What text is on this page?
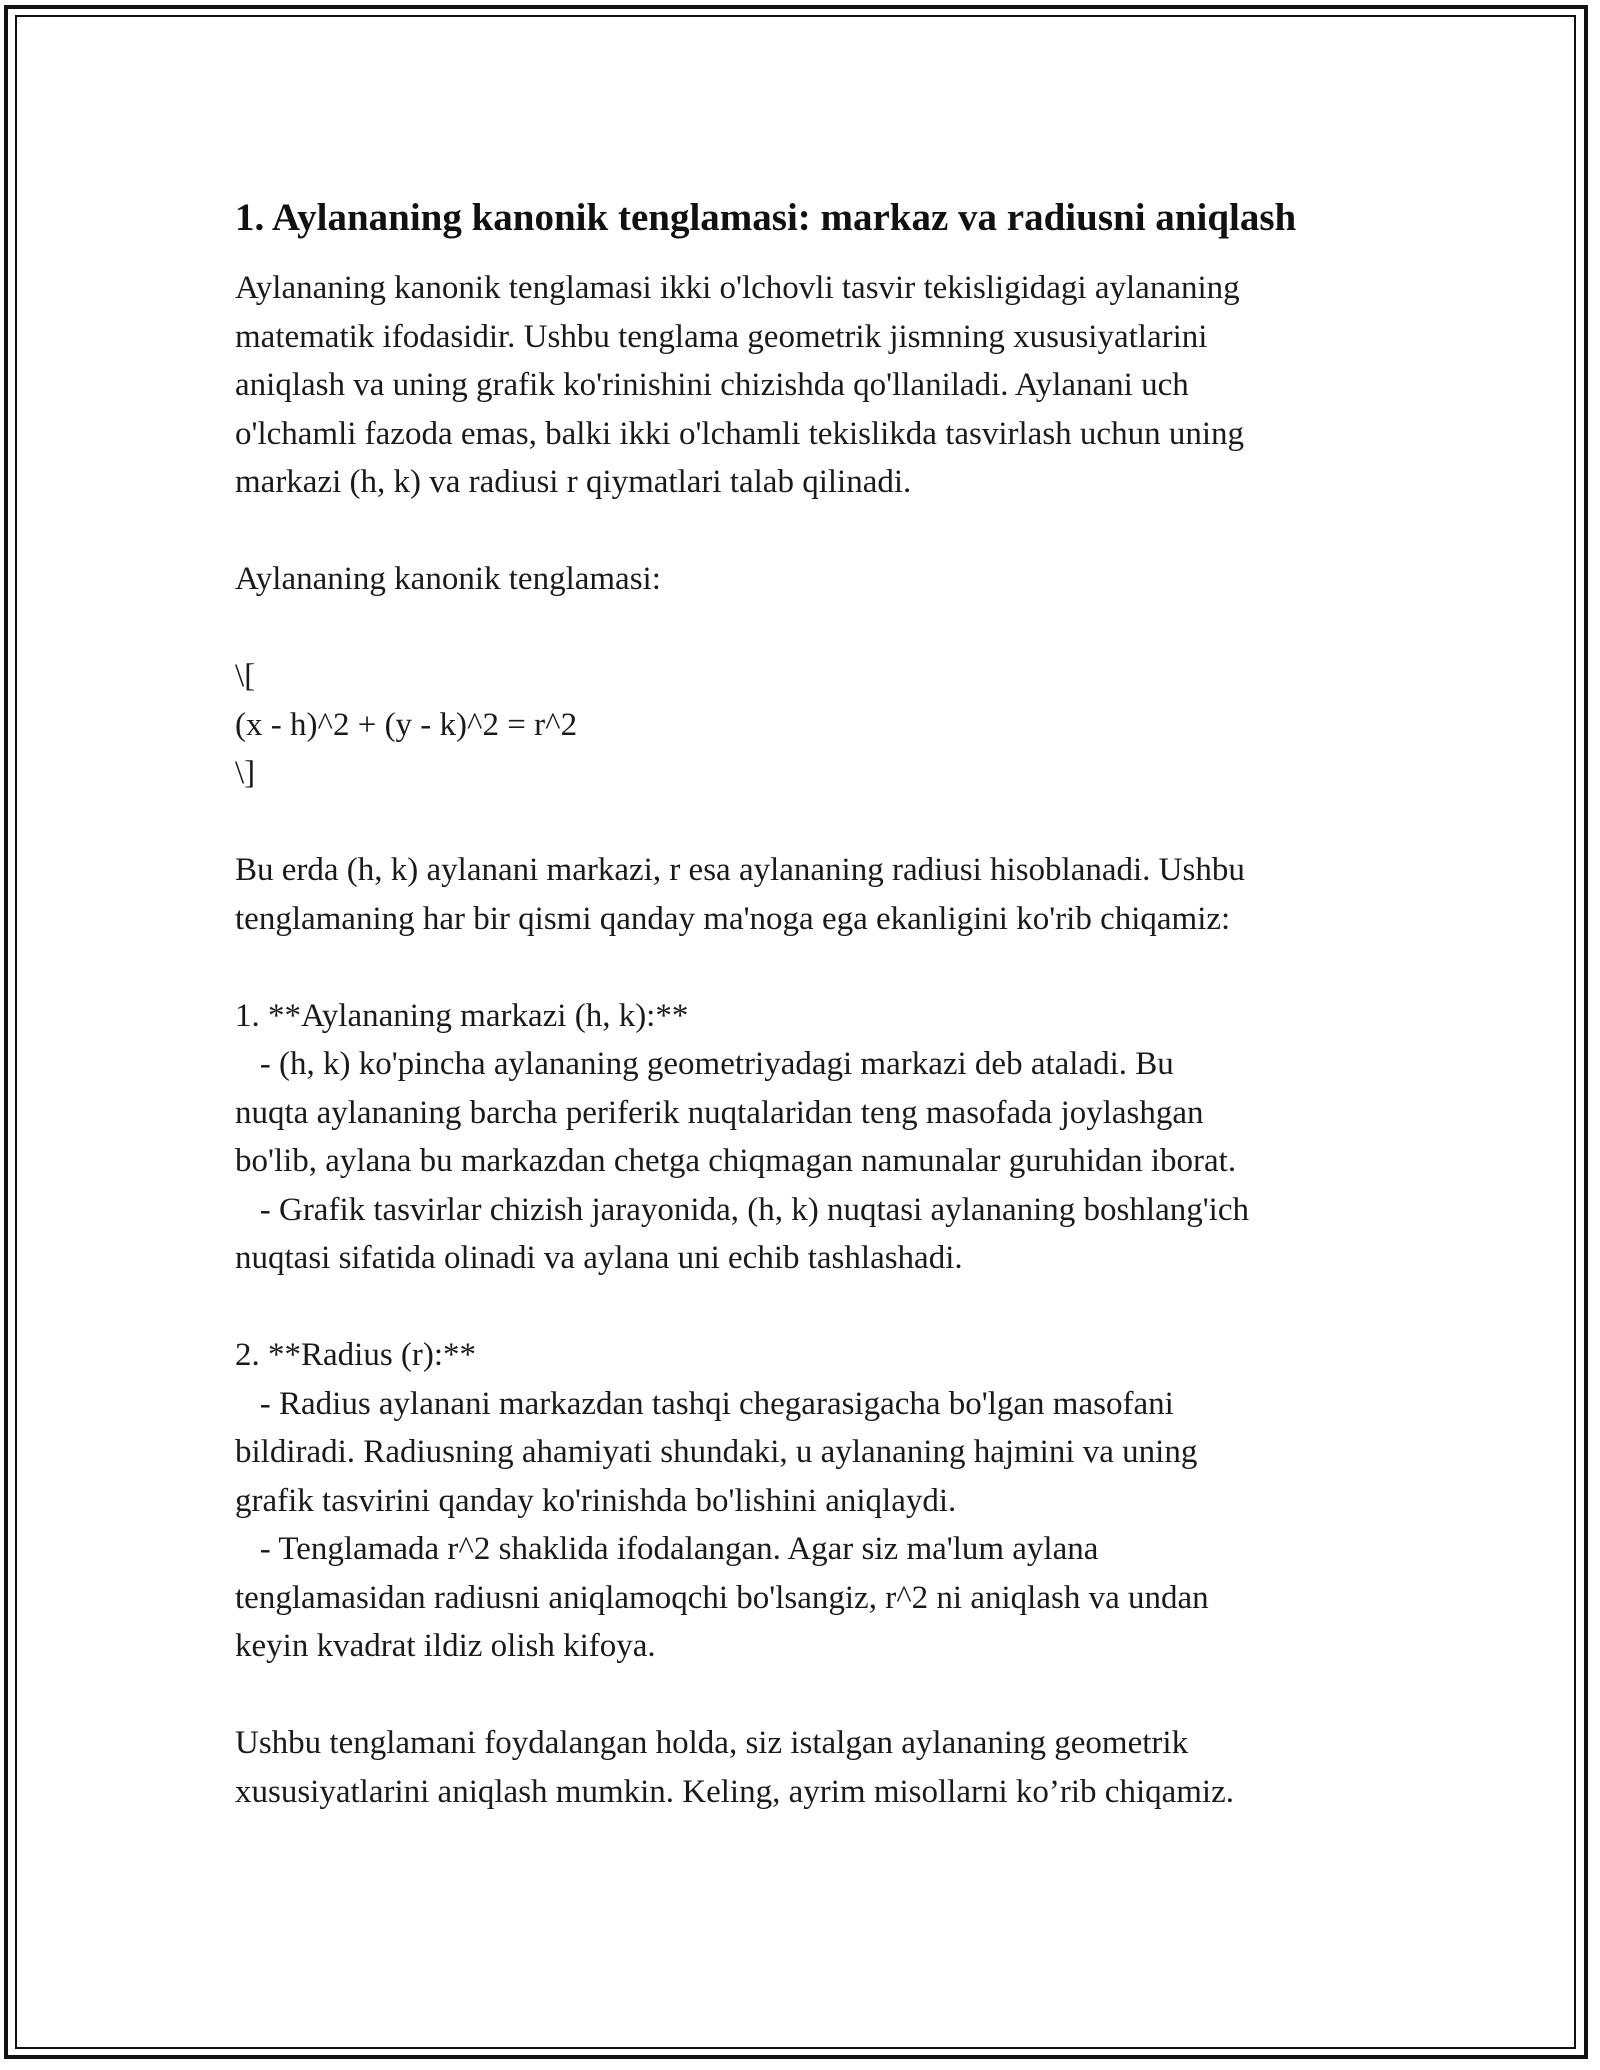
1. Aylananing kanonik tenglamasi: markaz va radiusni aniqlash

Aylananing kanonik tenglamasi ikki o'lchovli tasvir tekisligidagi aylananing
matematik ifodasidir. Ushbu tenglama geometrik jismning xususiyatlarini
aniqlash va uning grafik ko'rinishini chizishda qo'llaniladi. Aylanani uch
o'lchamli fazoda emas, balki ikki o'lchamli tekislikda tasvirlash uchun uning
markazi (h, k) va radiusi r qiymatlari talab qilinadi.

Aylananing kanonik tenglamasi:

\[

(x - h)^2 + (y - k)^2 = r^2

\]

Bu erda (h, k) aylanani markazi, r esa aylananing radiusi hisoblanadi. Ushbu
tenglamaning har bir qismi qanday ma'noga ega ekanligini ko'rib chiqamiz:

1. **Aylananing markazi (h, k):**

- (h, k) ko'pincha aylananing geometriyadagi markazi deb ataladi. Bu
nuqta aylananing barcha periferik nuqtalaridan teng masofada joylashgan
bo'lib, aylana bu markazdan chetga chiqmagan namunalar guruhidan iborat.

- Grafik tasvirlar chizish jarayonida, (h, k) nuqtasi aylananing boshlang'ich
nuqtasi sifatida olinadi va aylana uni echib tashlashadi.

2. **Radius (r):**

- Radius aylanani markazdan tashqi chegarasigacha bo'lgan masofani
bildiradi. Radiusning ahamiyati shundaki, u aylananing hajmini va uning
grafik tasvirini qanday ko'rinishda bo'lishini aniqlaydi.

- Tenglamada r^2 shaklida ifodalangan. Agar siz ma'lum aylana
tenglamasidan radiusni aniqlamoqchi bo'lsangiz, r^2 ni aniqlash va undan
keyin kvadrat ildiz olish kifoya.

Ushbu tenglamani foydalangan holda, siz istalgan aylananing geometrik
xususiyatlarini aniqlash mumkin. Keling, ayrim misollarni ko’rib chiqamiz.
